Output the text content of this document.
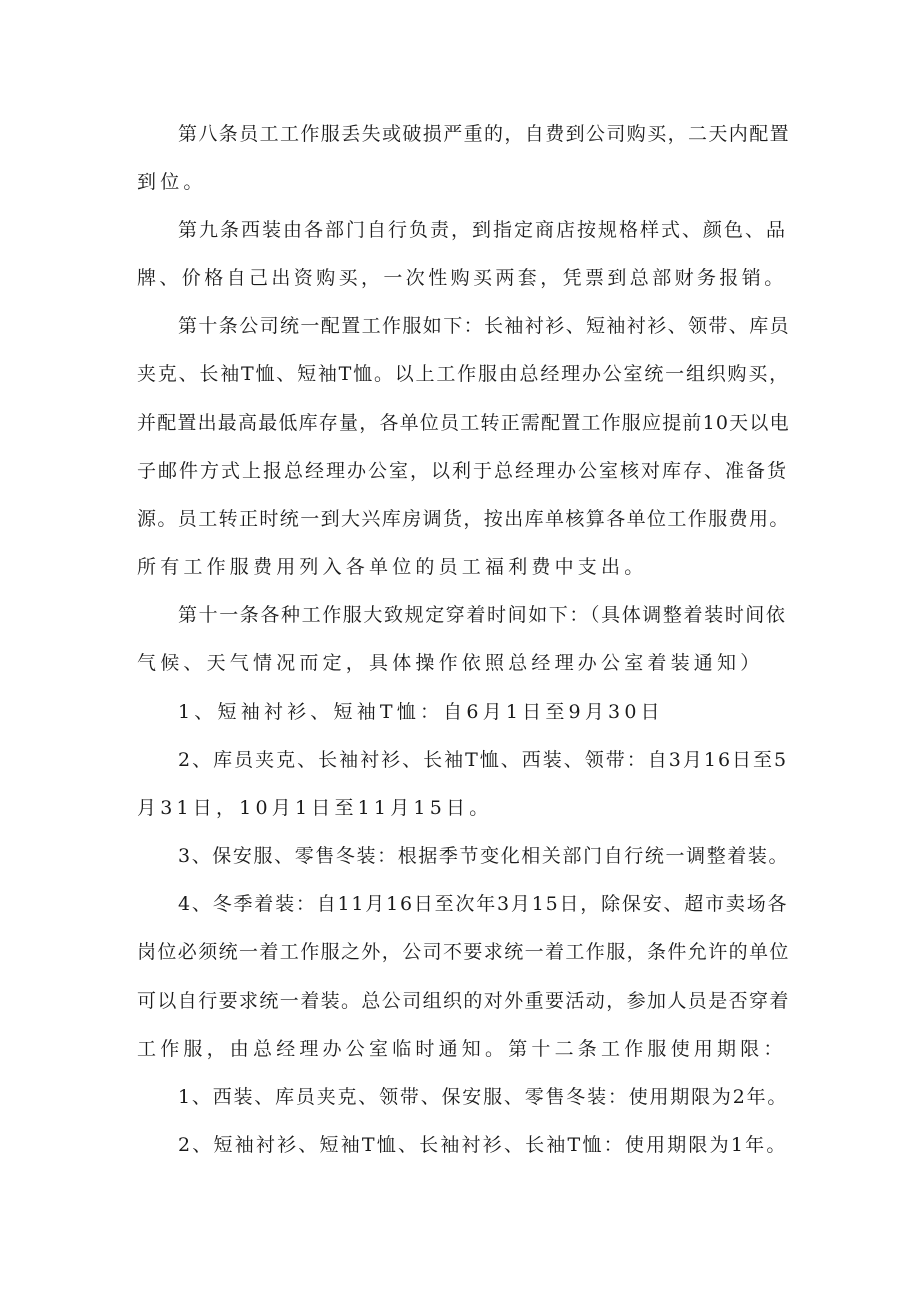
第八条员工工作服丢失或破损严重的，自费到公司购买，二天内配置
到位。
第九条西装由各部门自行负责，到指定商店按规格样式、颜色、品
牌、价格自己出资购买，一次性购买两套，凭票到总部财务报销。
第十条公司统一配置工作服如下：长袖衬衫、短袖衬衫、领带、库员
夹克、长袖T恤、短袖T恤。以上工作服由总经理办公室统一组织购买，
并配置出最高最低库存量，各单位员工转正需配置工作服应提前10天以电
子邮件方式上报总经理办公室，以利于总经理办公室核对库存、准备货
源。员工转正时统一到大兴库房调货，按出库单核算各单位工作服费用。
所有工作服费用列入各单位的员工福利费中支出。
第十一条各种工作服大致规定穿着时间如下：（具体调整着装时间依
气候、天气情况而定，具体操作依照总经理办公室着装通知）
1、短袖衬衫、短袖T恤：自6月1日至9月30日
2、库员夹克、长袖衬衫、长袖T恤、西装、领带：自3月16日至5
月31日，10月1日至11月15日。
3、保安服、零售冬装：根据季节变化相关部门自行统一调整着装。
4、冬季着装：自11月16日至次年3月15日，除保安、超市卖场各
岗位必须统一着工作服之外，公司不要求统一着工作服，条件允许的单位
可以自行要求统一着装。总公司组织的对外重要活动，参加人员是否穿着
工作服，由总经理办公室临时通知。第十二条工作服使用期限：
1、西装、库员夹克、领带、保安服、零售冬装：使用期限为2年。
2、短袖衬衫、短袖T恤、长袖衬衫、长袖T恤：使用期限为1年。
